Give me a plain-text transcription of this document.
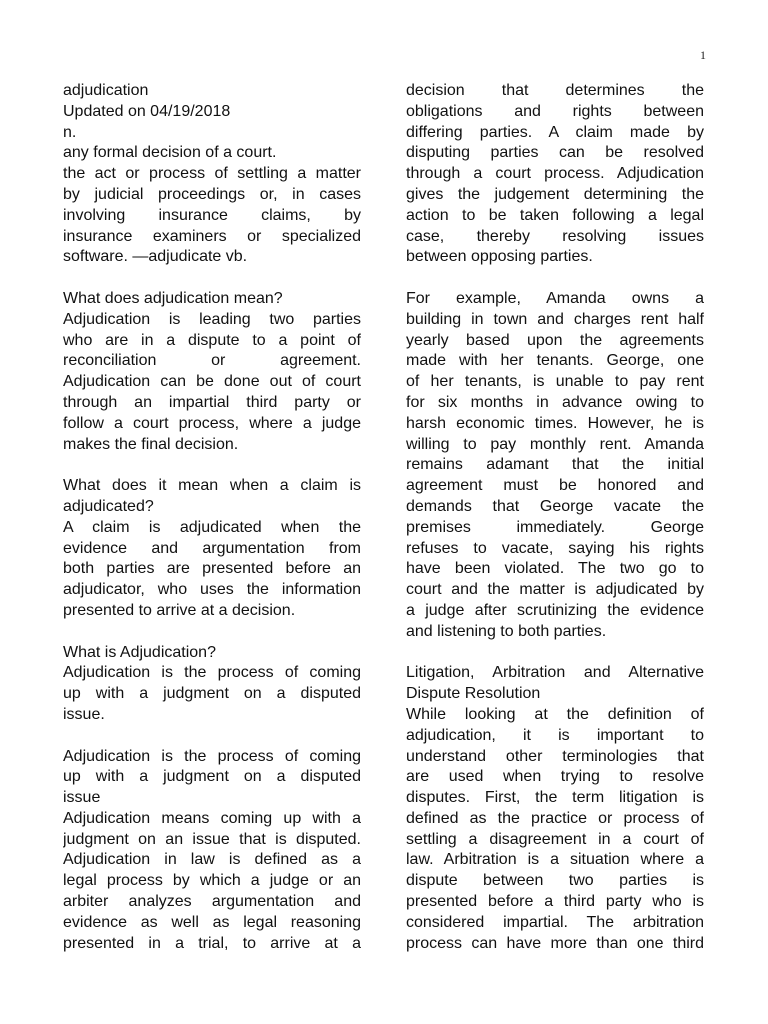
1
adjudication
Updated on 04/19/2018
n.
any formal decision of a court.
the act or process of settling a matter
by judicial proceedings or, in cases
involving insurance claims, by
insurance examiners or specialized
software. —adjudicate vb.
What does adjudication mean?
Adjudication is leading two parties
who are in a dispute to a point of
reconciliation or agreement.
Adjudication can be done out of court
through an impartial third party or
follow a court process, where a judge
makes the final decision.
What does it mean when a claim is
adjudicated?
A claim is adjudicated when the
evidence and argumentation from
both parties are presented before an
adjudicator, who uses the information
presented to arrive at a decision.
What is Adjudication?
Adjudication is the process of coming
up with a judgment on a disputed
issue.
Adjudication is the process of coming
up with a judgment on a disputed
issue
Adjudication means coming up with a
judgment on an issue that is disputed.
Adjudication in law is defined as a
legal process by which a judge or an
arbiter analyzes argumentation and
evidence as well as legal reasoning
presented in a trial, to arrive at a
decision that determines the
obligations and rights between
differing parties. A claim made by
disputing parties can be resolved
through a court process. Adjudication
gives the judgement determining the
action to be taken following a legal
case, thereby resolving issues
between opposing parties.
For example, Amanda owns a
building in town and charges rent half
yearly based upon the agreements
made with her tenants. George, one
of her tenants, is unable to pay rent
for six months in advance owing to
harsh economic times. However, he is
willing to pay monthly rent. Amanda
remains adamant that the initial
agreement must be honored and
demands that George vacate the
premises immediately. George
refuses to vacate, saying his rights
have been violated. The two go to
court and the matter is adjudicated by
a judge after scrutinizing the evidence
and listening to both parties.
Litigation, Arbitration and Alternative
Dispute Resolution
While looking at the definition of
adjudication, it is important to
understand other terminologies that
are used when trying to resolve
disputes. First, the term litigation is
defined as the practice or process of
settling a disagreement in a court of
law. Arbitration is a situation where a
dispute between two parties is
presented before a third party who is
considered impartial. The arbitration
process can have more than one third
